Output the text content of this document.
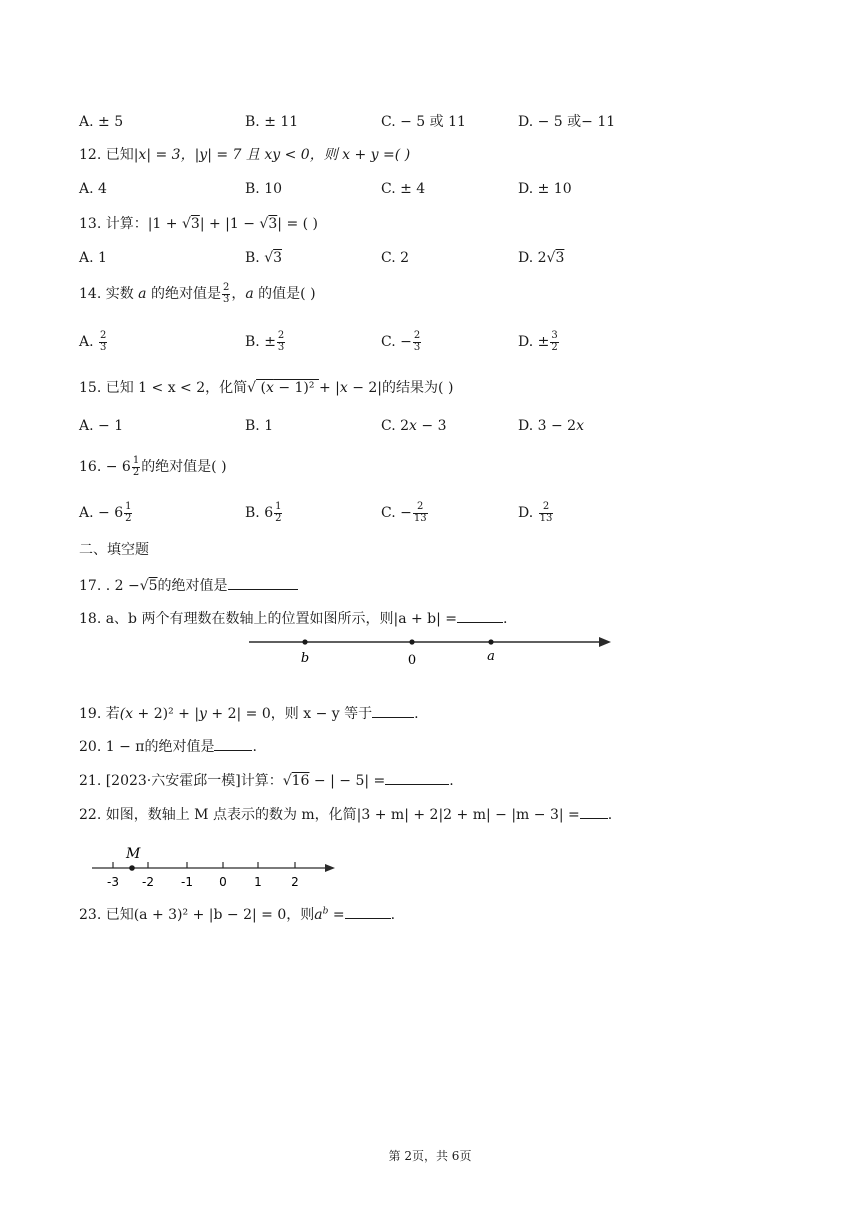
A. ± 5	B. ± 11	C. − 5 或 11	D. − 5 或− 11
12. 已知|x| = 3，|y| = 7 且 xy < 0，则 x + y =( )
A. 4	B. 10	C. ± 4	D. ± 10
13. 计算：|1 + √3| + |1 − √3| = ( )
A. 1	B. √3	C. 2	D. 2√3
14. 实数 a 的绝对值是 $\frac{2}{3}$ ，a 的值是( )
A. $\frac{2}{3}$	B. ± $\frac{2}{3}$	C. − $\frac{2}{3}$	D. ± $\frac{3}{2}$
15. 已知 1 < x < 2，化简√ (x − 1)² + |x − 2|的结果为( )
A. − 1	B. 1	C. 2x − 3	D. 3 − 2x
16. − $6 \frac{1}{2}$ 的绝对值是( )
A. − $6 \frac{1}{2}$	B. $6 \frac{1}{2}$	C. − $\frac{2}{13}$	D. $\frac{2}{13}$
二、填空题
17. . 2 −√5的绝对值是
18. a、b 两个有理数在数轴上的位置如图所示，则|a + b| =	.
b	0	a
19. 若(x + 2)² + |y + 2| = 0，则 x − y 等于	.
20. 1 − π的绝对值是	.
21. [2023·六安霍邱一模]计算：√16 − | − 5| =	.
22. 如图，数轴上 M 点表示的数为 m，化简|3 + m| + 2|2 + m| − |m − 3| = .
M
-3 -2 -1 0 1 2
23. 已知(a + 3)² + |b − 2| = 0，则$a^b$ =	.
第 2页，共 6页
